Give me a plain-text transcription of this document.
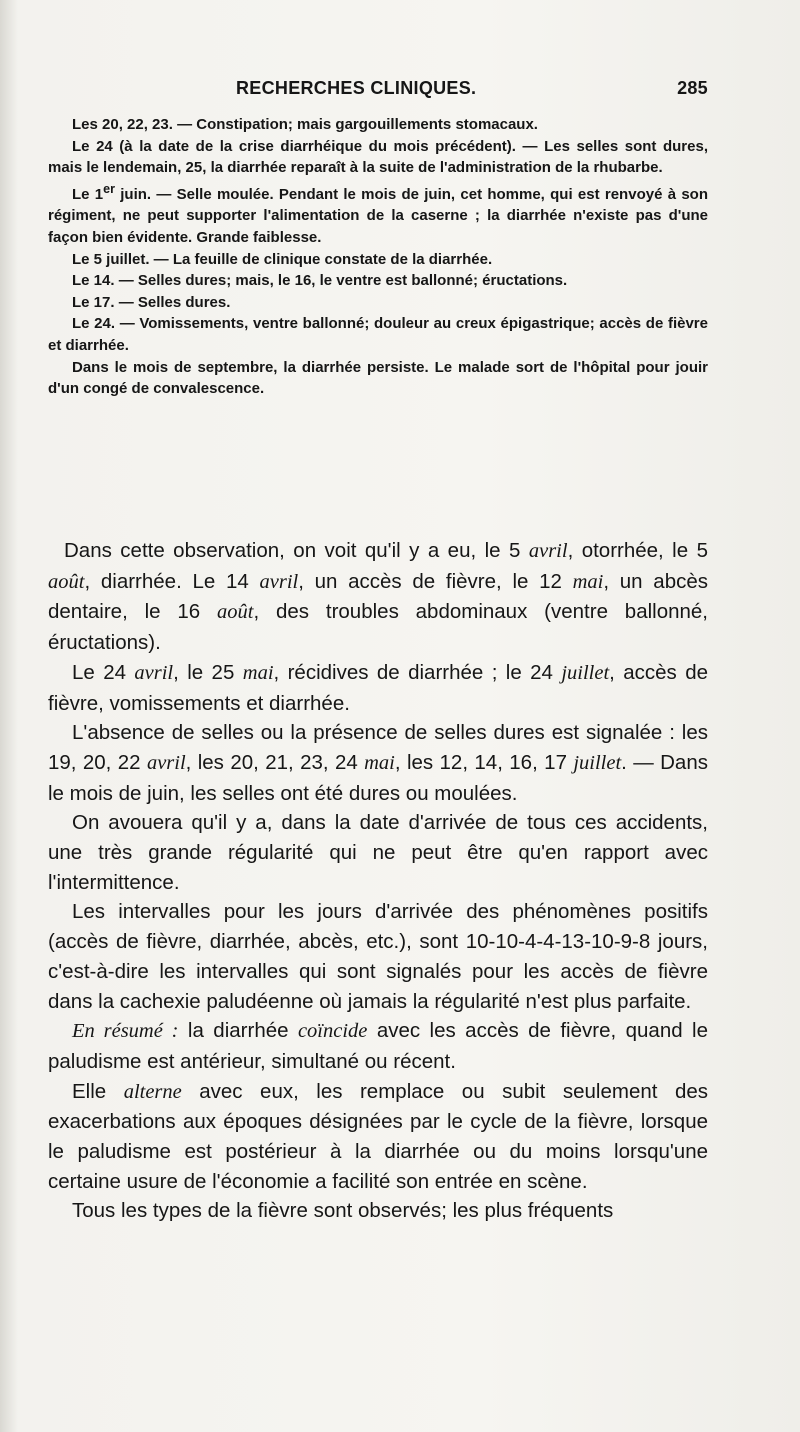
RECHERCHES CLINIQUES.	285

Les 20, 22, 23. — Constipation; mais gargouillements stomacaux.

Le 24 (à la date de la crise diarrhéique du mois précédent). — Les selles sont dures, mais le lendemain, 25, la diarrhée reparaît à la suite de l'administration de la rhubarbe.

Le 1er juin. — Selle moulée. Pendant le mois de juin, cet homme, qui est renvoyé à son régiment, ne peut supporter l'alimentation de la caserne ; la diarrhée n'existe pas d'une façon bien évidente. Grande faiblesse.

Le 5 juillet. — La feuille de clinique constate de la diarrhée.

Le 14. — Selles dures; mais, le 16, le ventre est ballonné; éructations.

Le 17. — Selles dures.

Le 24. — Vomissements, ventre ballonné; douleur au creux épigastrique; accès de fièvre et diarrhée.

Dans le mois de septembre, la diarrhée persiste. Le malade sort de l'hôpital pour jouir d'un congé de convalescence.

Dans cette observation, on voit qu'il y a eu, le 5 avril, otorrhée, le 5 août, diarrhée. Le 14 avril, un accès de fièvre, le 12 mai, un abcès dentaire, le 16 août, des troubles abdominaux (ventre ballonné, éructations).

Le 24 avril, le 25 mai, récidives de diarrhée ; le 24 juillet, accès de fièvre, vomissements et diarrhée.

L'absence de selles ou la présence de selles dures est signalée : les 19, 20, 22 avril, les 20, 21, 23, 24 mai, les 12, 14, 16, 17 juillet. — Dans le mois de juin, les selles ont été dures ou moulées.

On avouera qu'il y a, dans la date d'arrivée de tous ces accidents, une très grande régularité qui ne peut être qu'en rapport avec l'intermittence.

Les intervalles pour les jours d'arrivée des phénomènes positifs (accès de fièvre, diarrhée, abcès, etc.), sont 10-10-4-4-13-10-9-8 jours, c'est-à-dire les intervalles qui sont signalés pour les accès de fièvre dans la cachexie paludéenne où jamais la régularité n'est plus parfaite.

En résumé : la diarrhée coïncide avec les accès de fièvre, quand le paludisme est antérieur, simultané ou récent.

Elle alterne avec eux, les remplace ou subit seulement des exacerbations aux époques désignées par le cycle de la fièvre, lorsque le paludisme est postérieur à la diarrhée ou du moins lorsqu'une certaine usure de l'économie a facilité son entrée en scène.

Tous les types de la fièvre sont observés; les plus fréquents
